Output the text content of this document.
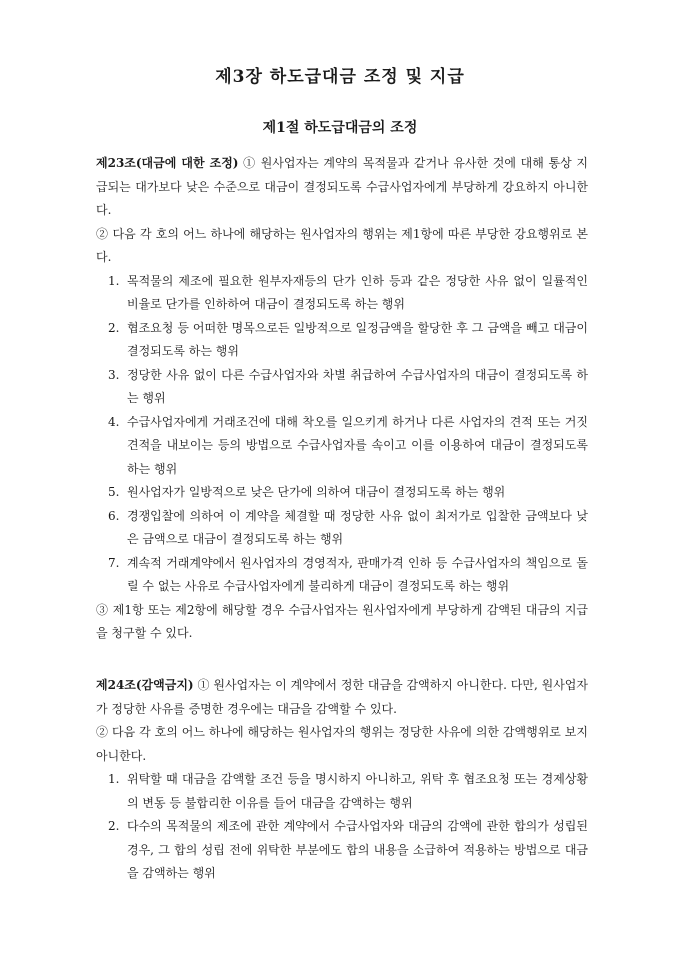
제3장 하도급대금 조정 및 지급
제1절 하도급대금의 조정

제23조(대금에 대한 조정) ① 원사업자는 계약의 목적물과 같거나 유사한 것에 대해 통상 지급되는 대가보다 낮은 수준으로 대금이 결정되도록 수급사업자에게 부당하게 강요하지 아니한다.

② 다음 각 호의 어느 하나에 해당하는 원사업자의 행위는 제1항에 따른 부당한 강요행위로 본다.

1. 목적물의 제조에 필요한 원부자재등의 단가 인하 등과 같은 정당한 사유 없이 일률적인 비율로 단가를 인하하여 대금이 결정되도록 하는 행위
2. 협조요청 등 어떠한 명목으로든 일방적으로 일정금액을 할당한 후 그 금액을 빼고 대금이 결정되도록 하는 행위
3. 정당한 사유 없이 다른 수급사업자와 차별 취급하여 수급사업자의 대금이 결정되도록 하는 행위
4. 수급사업자에게 거래조건에 대해 착오를 일으키게 하거나 다른 사업자의 견적 또는 거짓 견적을 내보이는 등의 방법으로 수급사업자를 속이고 이를 이용하여 대금이 결정되도록 하는 행위
5. 원사업자가 일방적으로 낮은 단가에 의하여 대금이 결정되도록 하는 행위
6. 경쟁입찰에 의하여 이 계약을 체결할 때 정당한 사유 없이 최저가로 입찰한 금액보다 낮은 금액으로 대금이 결정되도록 하는 행위
7. 계속적 거래계약에서 원사업자의 경영적자, 판매가격 인하 등 수급사업자의 책임으로 돌릴 수 없는 사유로 수급사업자에게 불리하게 대금이 결정되도록 하는 행위

③ 제1항 또는 제2항에 해당할 경우 수급사업자는 원사업자에게 부당하게 감액된 대금의 지급을 청구할 수 있다.

제24조(감액금지) ① 원사업자는 이 계약에서 정한 대금을 감액하지 아니한다. 다만, 원사업자가 정당한 사유를 증명한 경우에는 대금을 감액할 수 있다.

② 다음 각 호의 어느 하나에 해당하는 원사업자의 행위는 정당한 사유에 의한 감액행위로 보지 아니한다.

1. 위탁할 때 대금을 감액할 조건 등을 명시하지 아니하고, 위탁 후 협조요청 또는 경제상황의 변동 등 불합리한 이유를 들어 대금을 감액하는 행위
2. 다수의 목적물의 제조에 관한 계약에서 수급사업자와 대금의 감액에 관한 합의가 성립된 경우, 그 합의 성립 전에 위탁한 부분에도 합의 내용을 소급하여 적용하는 방법으로 대금을 감액하는 행위
